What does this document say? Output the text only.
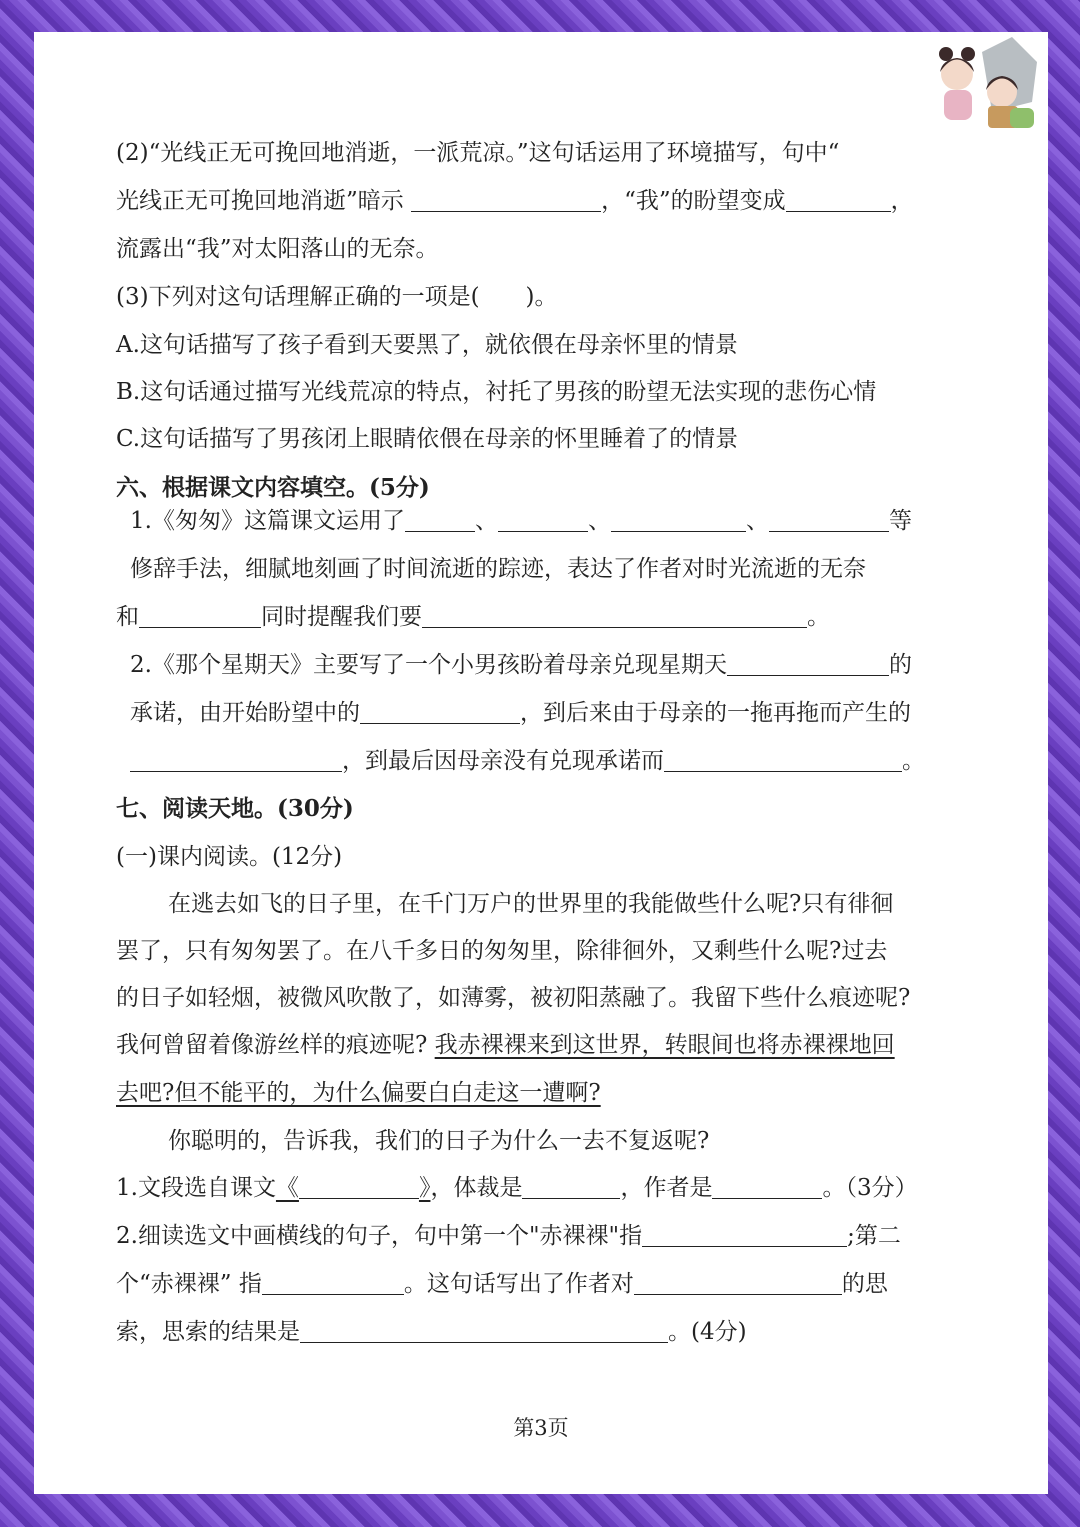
(2)“光线正无可挽回地消逝，一派荒凉。”这句话运用了环境描写，句中“
光线正无可挽回地消逝”暗示	，“我”的盼望变成	，
流露出“我”对太阳落山的无奈。
(3)下列对这句话理解正确的一项是(　　)。
A.这句话描写了孩子看到天要黑了，就依偎在母亲怀里的情景
B.这句话通过描写光线荒凉的特点，衬托了男孩的盼望无法实现的悲伤心情
C.这句话描写了男孩闭上眼睛依偎在母亲的怀里睡着了的情景
六、根据课文内容填空。(5分)
1.《匆匆》这篇课文运用了	、	、	、	等
修辞手法，细腻地刻画了时间流逝的踪迹，表达了作者对时光流逝的无奈
和	同时提醒我们要	。
2.《那个星期天》主要写了一个小男孩盼着母亲兑现星期天	的
承诺，由开始盼望中的	，到后来由于母亲的一拖再拖而产生的
，到最后因母亲没有兑现承诺而	。
七、阅读天地。(30分)
(一)课内阅读。(12分)
在逃去如飞的日子里，在千门万户的世界里的我能做些什么呢?只有徘徊
罢了，只有匆匆罢了。在八千多日的匆匆里，除徘徊外，又剩些什么呢?过去
的日子如轻烟，被微风吹散了，如薄雾，被初阳蒸融了。我留下些什么痕迹呢?
我何曾留着像游丝样的痕迹呢? 我赤裸裸来到这世界，转眼间也将赤裸裸地回
去吧?但不能平的，为什么偏要白白走这一遭啊?
你聪明的，告诉我，我们的日子为什么一去不复返呢?
1.文段选自课文《	》，体裁是	，作者是	。（3分）
2.细读选文中画横线的句子，句中第一个"赤裸裸"指	;第二
个“赤裸裸” 指	。这句话写出了作者对	的思
索，思索的结果是	。(4分)
第3页
